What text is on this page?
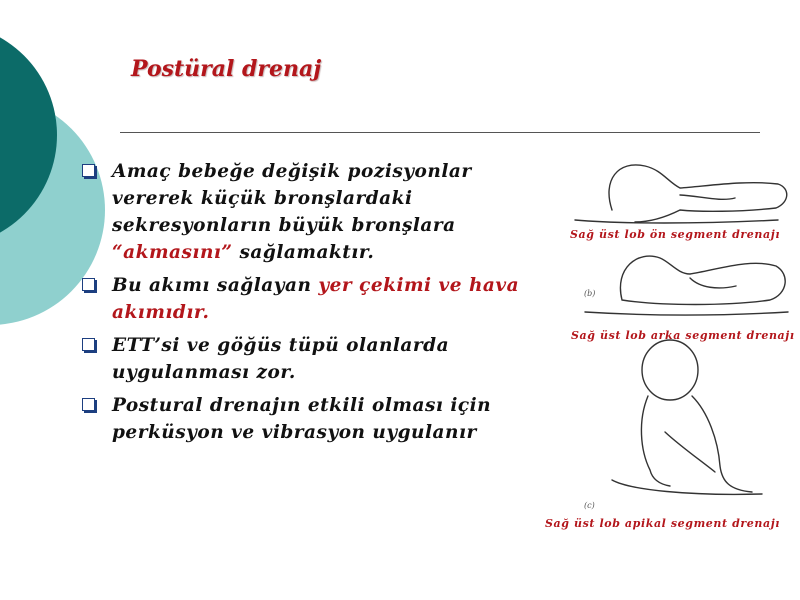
Postüral drenaj
Amaç bebeğe değişik pozisyonlar vererek küçük bronşlardaki sekresyonların büyük bronşlara “akmasını” sağlamaktır.
Bu akımı sağlayan yer çekimi ve hava akımıdır.
ETT’si ve göğüs tüpü olanlarda uygulanması zor.
Postural drenajın etkili olması için perküsyon ve vibrasyon uygulanır
(b)
(c)
Sağ üst lob ön segment drenajı
Sağ üst lob arka segment drenajı
Sağ üst lob apikal segment drenajı
